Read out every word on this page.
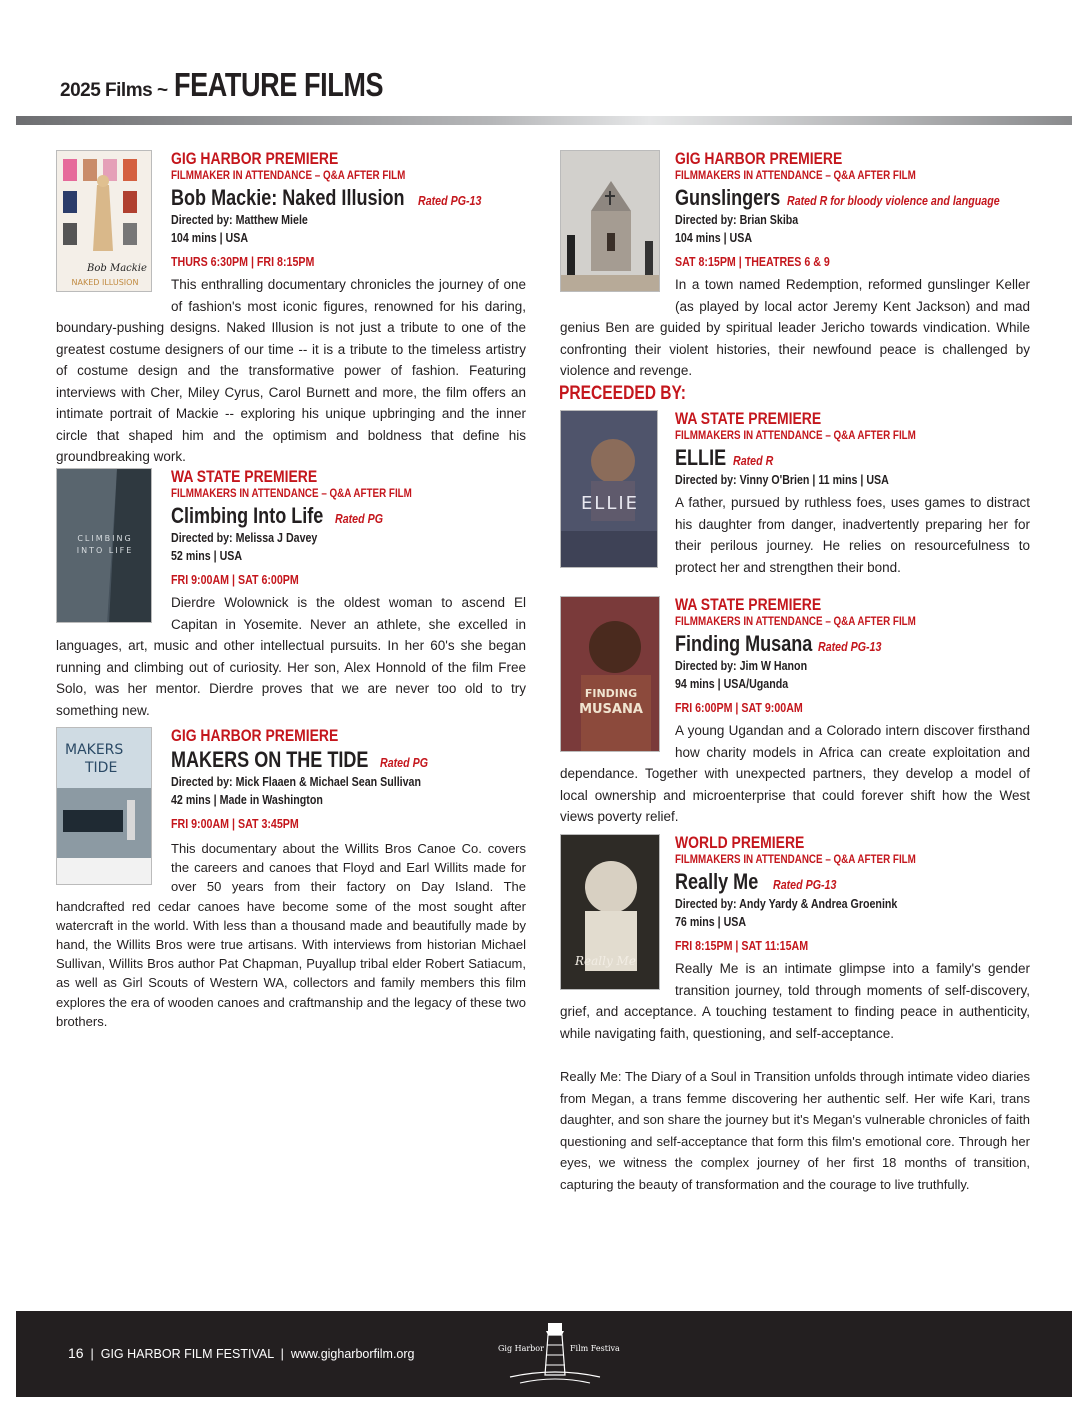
2025 Films ~ FEATURE FILMS
Bob Mackie
NAKED ILLUSION
GIG HARBOR PREMIERE
FILMMAKER IN ATTENDANCE – Q&A AFTER FILM
Bob Mackie: Naked Illusion Rated PG-13
Directed by: Matthew Miele
104 mins | USA
THURS 6:30PM | FRI 8:15PM
This enthralling documentary chronicles the journey of one of fashion's most iconic figures, renowned for his daring, boundary-pushing designs. Naked Illusion is not just a tribute to one of the greatest costume designers of our time -- it is a tribute to the timeless artistry of costume design and the transformative power of fashion. Featuring interviews with Cher, Miley Cyrus, Carol Burnett and more, the film offers an intimate portrait of Mackie -- exploring his unique upbringing and the inner circle that shaped him and the optimism and boldness that define his groundbreaking work.
CLIMBING
INTO LIFE
WA STATE PREMIERE
FILMMAKERS IN ATTENDANCE – Q&A AFTER FILM
Climbing Into Life Rated PG
Directed by: Melissa J Davey
52 mins | USA
FRI 9:00AM | SAT 6:00PM
Dierdre Wolownick is the oldest woman to ascend El Capitan in Yosemite. Never an athlete, she excelled in languages, art, music and other intellectual pursuits. In her 60's she began running and climbing out of curiosity. Her son, Alex Honnold of the film Free Solo, was her mentor. Dierdre proves that we are never too old to try something new.
MAKERS
TIDE
GIG HARBOR PREMIERE
MAKERS ON THE TIDE Rated PG
Directed by: Mick Flaaen & Michael Sean Sullivan
42 mins | Made in Washington
FRI 9:00AM | SAT 3:45PM
This documentary about the Willits Bros Canoe Co. covers the careers and canoes that Floyd and Earl Willits made for over 50 years from their factory on Day Island. The handcrafted red cedar canoes have become some of the most sought after watercraft in the world. With less than a thousand made and beautifully made by hand, the Willits Bros were true artisans. With interviews from historian Michael Sullivan, Willits Bros author Pat Chapman, Puyallup tribal elder Robert Satiacum, as well as Girl Scouts of Western WA, collectors and family members this film explores the era of wooden canoes and craftmanship and the legacy of these two brothers.
GIG HARBOR PREMIERE
FILMMAKERS IN ATTENDANCE – Q&A AFTER FILM
Gunslingers Rated R for bloody violence and language
Directed by: Brian Skiba
104 mins | USA
SAT 8:15PM | THEATRES 6 & 9
In a town named Redemption, reformed gunslinger Keller (as played by local actor Jeremy Kent Jackson) and mad genius Ben are guided by spiritual leader Jericho towards vindication. While confronting their violent histories, their newfound peace is challenged by violence and revenge.
PRECEEDED BY:
ELLIE
WA STATE PREMIERE
FILMMAKERS IN ATTENDANCE – Q&A AFTER FILM
ELLIE Rated R
Directed by: Vinny O'Brien | 11 mins | USA
A father, pursued by ruthless foes, uses games to distract his daughter from danger, inadvertently preparing her for their perilous journey. He relies on resourcefulness to protect her and strengthen their bond.
FINDING
MUSANA
WA STATE PREMIERE
FILMMAKERS IN ATTENDANCE – Q&A AFTER FILM
Finding Musana Rated PG-13
Directed by: Jim W Hanon
94 mins | USA/Uganda
FRI 6:00PM | SAT 9:00AM
A young Ugandan and a Colorado intern discover firsthand how charity models in Africa can create exploitation and dependance. Together with unexpected partners, they develop a model of local ownership and microenterprise that could forever shift how the West views poverty relief.
Really Me
WORLD PREMIERE
FILMMAKERS IN ATTENDANCE – Q&A AFTER FILM
Really Me Rated PG-13
Directed by: Andy Yardy & Andrea Groenink
76 mins | USA
FRI 8:15PM | SAT 11:15AM
Really Me is an intimate glimpse into a family's gender transition journey, told through moments of self-discovery, grief, and acceptance. A touching testament to finding peace in authenticity, while navigating faith, questioning, and self-acceptance.
Really Me: The Diary of a Soul in Transition unfolds through intimate video diaries from Megan, a trans femme discovering her authentic self. Her wife Kari, trans daughter, and son share the journey but it's Megan's vulnerable chronicles of faith questioning and self-acceptance that form this film's emotional core. Through her eyes, we witness the complex journey of her first 18 months of transition, capturing the beauty of transformation and the courage to live truthfully.
16  |  GIG HARBOR FILM FESTIVAL  |  www.gigharborfilm.org	Gig Harbor	Film Festival
